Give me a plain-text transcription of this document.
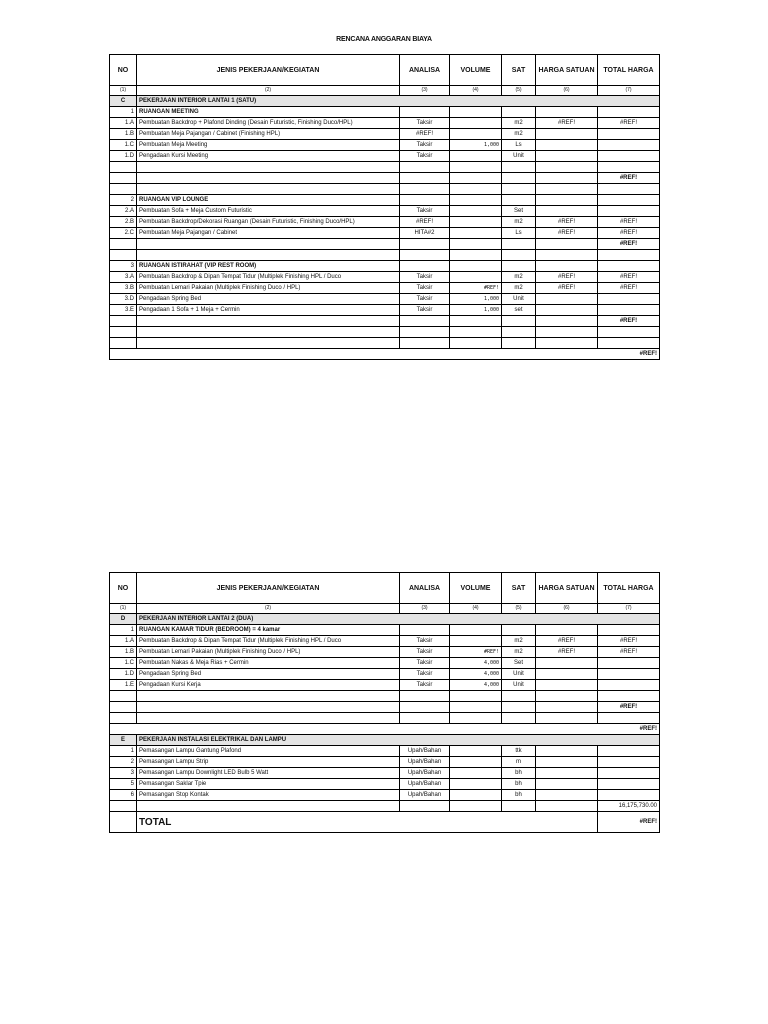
RENCANA ANGGARAN BIAYA
NO	JENIS PEKERJAAN/KEGIATAN	ANALISA	VOLUME	SAT	HARGA SATUAN	TOTAL HARGA
(1)	(2)	(3)	(4)	(5)	(6)	(7)
C	PEKERJAAN INTERIOR LANTAI 1 (SATU)					
1	RUANGAN MEETING					
1.A	Pembuatan Backdrop + Plafond Dinding (Desain Futuristic, Finishing Duco/HPL)	Taksir		m2	#REF!	#REF!
1.B	Pembuatan Meja Pajangan / Cabinet (Finishing HPL)	#REF!		m2		
1.C	Pembuatan Meja Meeting	Taksir	1,000	Ls		
1.D	Pengadaan Kursi Meeting	Taksir		Unit		

						#REF!

2	RUANGAN VIP LOUNGE					
2.A	Pembuatan Sofa + Meja Custom Futuristic	Taksir		Set		
2.B	Pembuatan Backdrop/Dekorasi Ruangan (Desain Futuristic, Finishing Duco/HPL)	#REF!		m2	#REF!	#REF!
2.C	Pembuatan Meja Pajangan / Cabinet	HITA#2		Ls	#REF!	#REF!
						#REF!

3	RUANGAN ISTIRAHAT (VIP REST ROOM)					
3.A	Pembuatan Backdrop & Dipan Tempat Tidur (Multiplek Finishing HPL / Duco	Taksir		m2	#REF!	#REF!
3.B	Pembuatan Lemari Pakaian (Multiplek Finishing Duco / HPL)	Taksir	#REF!	m2	#REF!	#REF!
3.D	Pengadaan Spring Bed	Taksir	1,000	Unit		
3.E	Pengadaan 1 Sofa + 1 Meja + Cermin	Taksir	1,000	set		
						#REF!

#REF!						
NO	JENIS PEKERJAAN/KEGIATAN	ANALISA	VOLUME	SAT	HARGA SATUAN	TOTAL HARGA
(1)	(2)	(3)	(4)	(5)	(6)	(7)
D	PEKERJAAN INTERIOR LANTAI 2 (DUA)					
1	RUANGAN KAMAR TIDUR (BEDROOM) = 4 kamar					
1.A	Pembuatan Backdrop & Dipan Tempat Tidur (Multiplek Finishing HPL / Duco	Taksir		m2	#REF!	#REF!
1.B	Pembuatan Lemari Pakaian (Multiplek Finishing Duco / HPL)	Taksir	#REF!	m2	#REF!	#REF!
1.C	Pembuatan Nakas & Meja Rias + Cermin	Taksir	4,000	Set		
1.D	Pengadaan Spring Bed	Taksir	4,000	Unit		
1.E	Pengadaan Kursi Kerja	Taksir	4,000	Unit		

						#REF!

#REF!						
E	PEKERJAAN INSTALASI ELEKTRIKAL DAN LAMPU					
1	Pemasangan Lampu Gantung Plafond	Upah/Bahan		ttk		
2	Pemasangan Lampu Strip	Upah/Bahan		m		
3	Pemasangan Lampu Downlight LED Bulb 5 Watt	Upah/Bahan		bh		
5	Pemasangan Saklar Tpie	Upah/Bahan		bh		
6	Pemasangan Stop Kontak	Upah/Bahan		bh		
						16,175,730.00
	TOTAL					#REF!
